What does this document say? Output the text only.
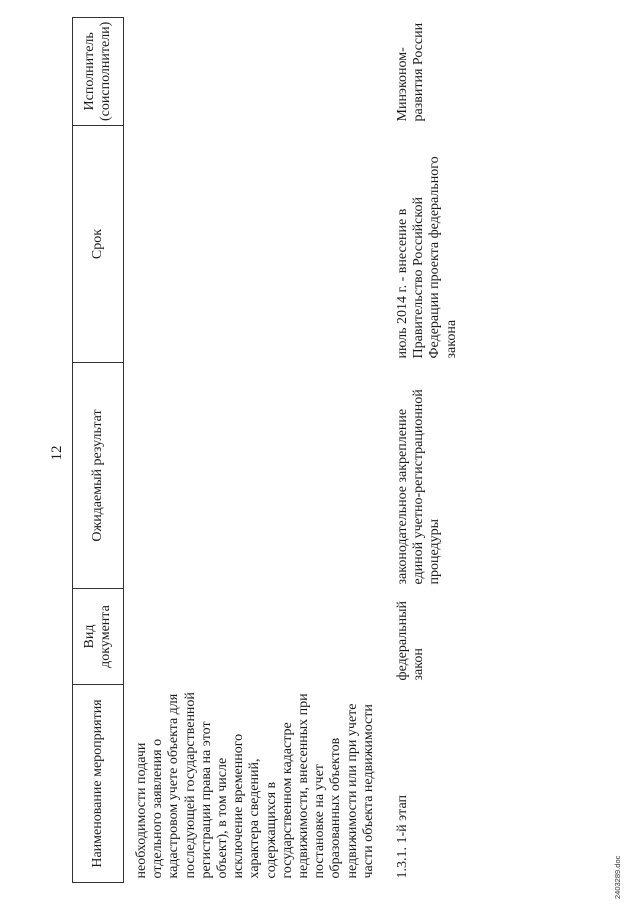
12
Наименование мероприятия	Вид документа	Ожидаемый результат	Срок	Исполнитель (соисполнители)

необходимости подачи отдельного заявления о кадастровом учете объекта для последующей государственной регистрации права на этот объект), в том числе исключение временного характера сведений, содержащихся в государственном кадастре недвижимости, внесенных при постановке на учет образованных объектов недвижимости или при учете части объекта недвижимости				

1.3.1. 1-й этап	федеральный закон	законодательное закрепление единой учетно-регистрационной процедуры	июль 2014 г. - внесение в Правительство Российской Федерации проекта федерального закона	Минэконом-развития России
2403289.doc
